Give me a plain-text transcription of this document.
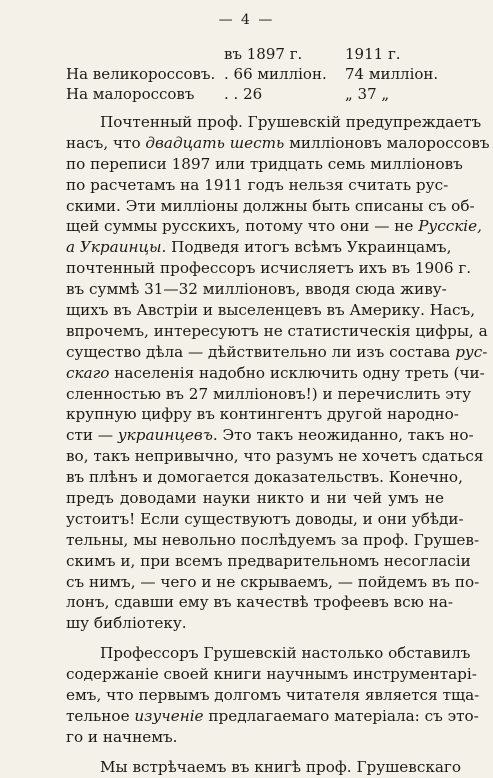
— 4 —
въ 1897 г.	1911 г.
На великороссовъ. . 66 милліон. 74 милліон.
На малороссовъ . . 26	„ 37 „
Почтенный проф. Грушевскій предупреждаетъ
насъ, что двадцать шесть милліоновъ малороссовъ
по переписи 1897 или тридцать семь милліоновъ
по расчетамъ на 1911 годъ нельзя считать рус-
скими. Эти милліоны должны быть списаны съ об-
щей суммы русскихъ, потому что они — не Русскіе,
а Украинцы. Подведя итогъ всѣмъ Украинцамъ,
почтенный профессоръ исчисляетъ ихъ въ 1906 г.
въ суммѣ 31—32 милліоновъ, вводя сюда живу-
щихъ въ Австріи и выселенцевъ въ Америку. Насъ,
впрочемъ, интересуютъ не статистическія цифры, а
существо дѣла — дѣйствительно ли изъ состава рус-
скаго населенія надобно исключить одну треть (чи-
сленностью въ 27 милліоновъ!) и перечислить эту
крупную цифру въ контингентъ другой народно-
сти — украинцевъ. Это такъ неожиданно, такъ но-
во, такъ непривычно, что разумъ не хочетъ сдаться
въ плѣнъ и домогается доказательствъ. Конечно,
предъ доводами науки никто и ни чей умъ не
устоитъ! Если существуютъ доводы, и они убѣди-
тельны, мы невольно послѣдуемъ за проф. Грушев-
скимъ и, при всемъ предварительномъ несогласіи
съ нимъ, — чего и не скрываемъ, — пойдемъ въ по-
лонъ, сдавши ему въ качествѣ трофеевъ всю на-
шу библіотеку.
Профессоръ Грушевскій настолько обставилъ
содержаніе своей книги научнымъ инструментарі-
емъ, что первымъ долгомъ читателя является тща-
тельное изученіе предлагаемаго матеріала: съ это-
го и начнемъ.
Мы встрѣчаемъ въ книгѣ проф. Грушевскаго
